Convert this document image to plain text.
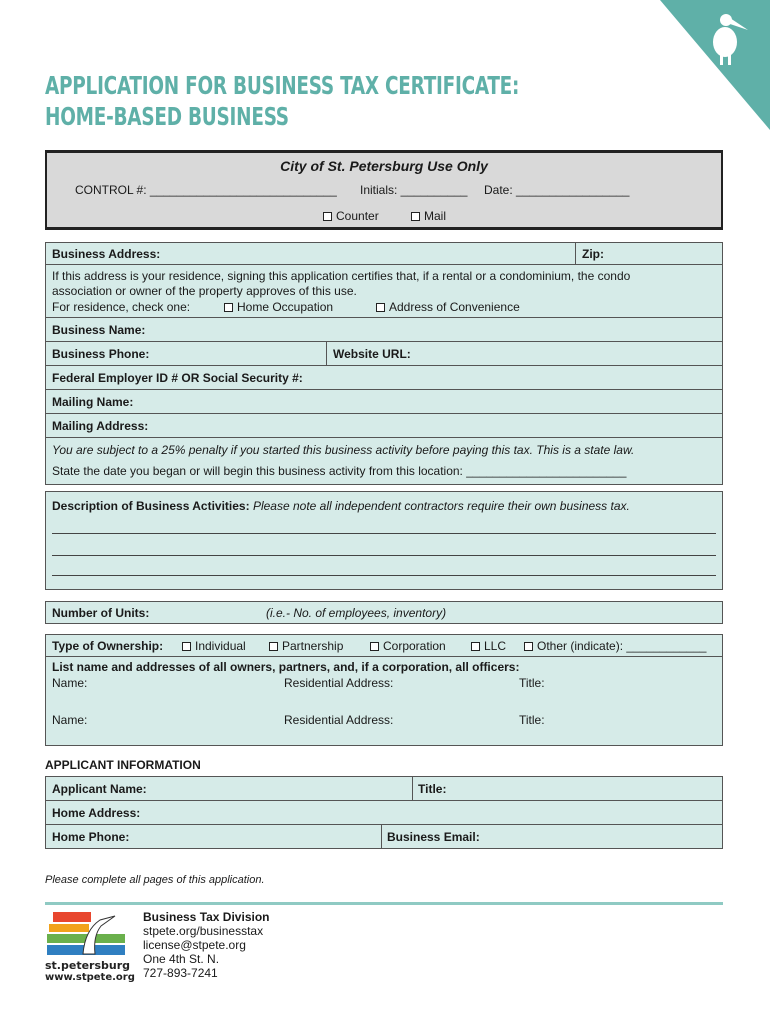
APPLICATION FOR BUSINESS TAX CERTIFICATE:
HOME-BASED BUSINESS
City of St. Petersburg Use Only
CONTROL #: ____________________________ Initials: __________ Date: _________________
Counter	Mail
Business Address:	Zip:
If this address is your residence, signing this application certifies that, if a rental or a condominium, the condo
association or owner of the property approves of this use.
For residence, check one:	Home Occupation	Address of Convenience
Business Name:
Business Phone:	Website URL:
Federal Employer ID # OR Social Security #:
Mailing Name:
Mailing Address:
You are subject to a 25% penalty if you started this business activity before paying this tax. This is a state law.
State the date you began or will begin this business activity from this location: ________________________
Description of Business Activities: Please note all independent contractors require their own business tax.
Number of Units:	(i.e.- No. of employees, inventory)
Type of Ownership:	Individual	Partnership	Corporation	LLC	Other (indicate): ____________
List name and addresses of all owners, partners, and, if a corporation, all officers:
Name:	Residential Address:	Title:
Name:	Residential Address:	Title:
APPLICANT INFORMATION
Applicant Name:	Title:
Home Address:
Home Phone:	Business Email:
Please complete all pages of this application.
st.petersburg
www.stpete.org
Business Tax Division
stpete.org/businesstax
license@stpete.org
One 4th St. N.
727-893-7241
